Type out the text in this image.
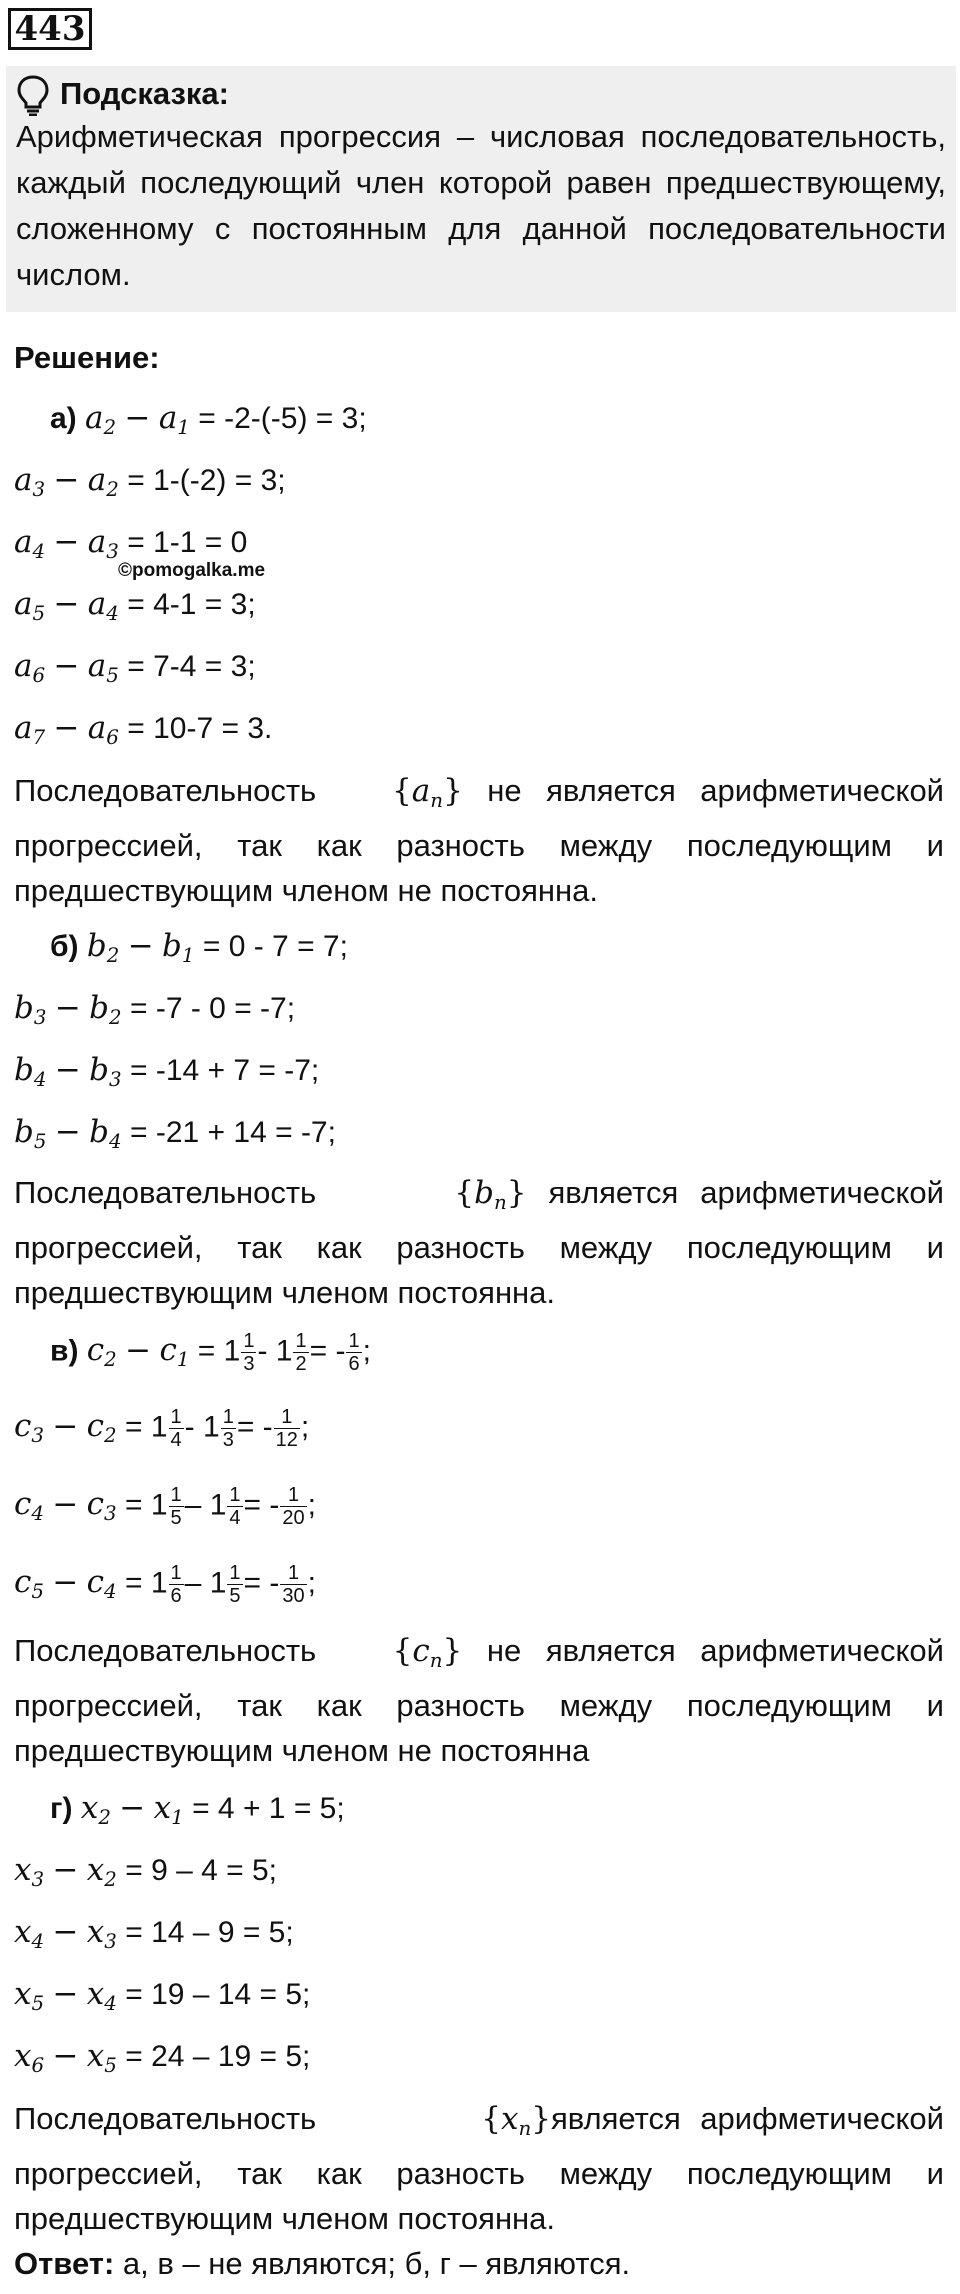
443
Подсказка:
Арифметическая прогрессия – числовая последовательность, каждый последующий член которой равен предшествующему, сложенному с постоянным для данной последовательности числом.
Решение:
а) $a_2 - a_1 = -2-(-5) = 3$;
$a_3 - a_2 = 1-(-2) = 3$;
$a_4 - a_3 = 1-1 = 0$
©pomogalka.me
$a_5 - a_4 = 4-1 = 3$;
$a_6 - a_5 = 7-4 = 3$;
$a_7 - a_6 = 10-7 = 3$.
Последовательность   $\{a_n\}$ не является арифметической прогрессией, так как разность между последующим и предшествующим членом не постоянна.
б) $b_2 - b_1 = 0 - 7 = 7$;
$b_3 - b_2 = -7 - 0 = -7$;
$b_4 - b_3 = -14 + 7 = -7$;
$b_5 - b_4 = -21 + 14 = -7$;
Последовательность      $\{b_n\}$ является арифметической прогрессией, так как разность между последующим и предшествующим членом постоянна.
в) $c_2 - c_1 = 1 \frac{1}{3} - 1 \frac{1}{2}$ = - $\frac{1}{6}$ ;
$c_3 - c_2 = 1 \frac{1}{4} - 1 \frac{1}{3}$ = - $\frac{1}{12}$ ;
$c_4 - c_3 = 1 \frac{1}{5} - 1 \frac{1}{4}$ = - $\frac{1}{20}$ ;
$c_5 - c_4 = 1 \frac{1}{6} - 1 \frac{1}{5}$ = - $\frac{1}{30}$ ;
Последовательность   $\{c_n\}$ не является арифметической прогрессией, так как разность между последующим и предшествующим членом не постоянна
г) $x_2 - x_1 = 4 + 1 = 5$;
$x_3 - x_2 = 9 - 4 = 5$;
$x_4 - x_3 = 14 - 9 = 5$;
$x_5 - x_4 = 19 - 14 = 5$;
$x_6 - x_5 = 24 - 19 = 5$;
Последовательность        $\{x_n\}является$ арифметической прогрессией, так как разность между последующим и предшествующим членом постоянна.
Ответ: а, в – не являются; б, г – являются.
